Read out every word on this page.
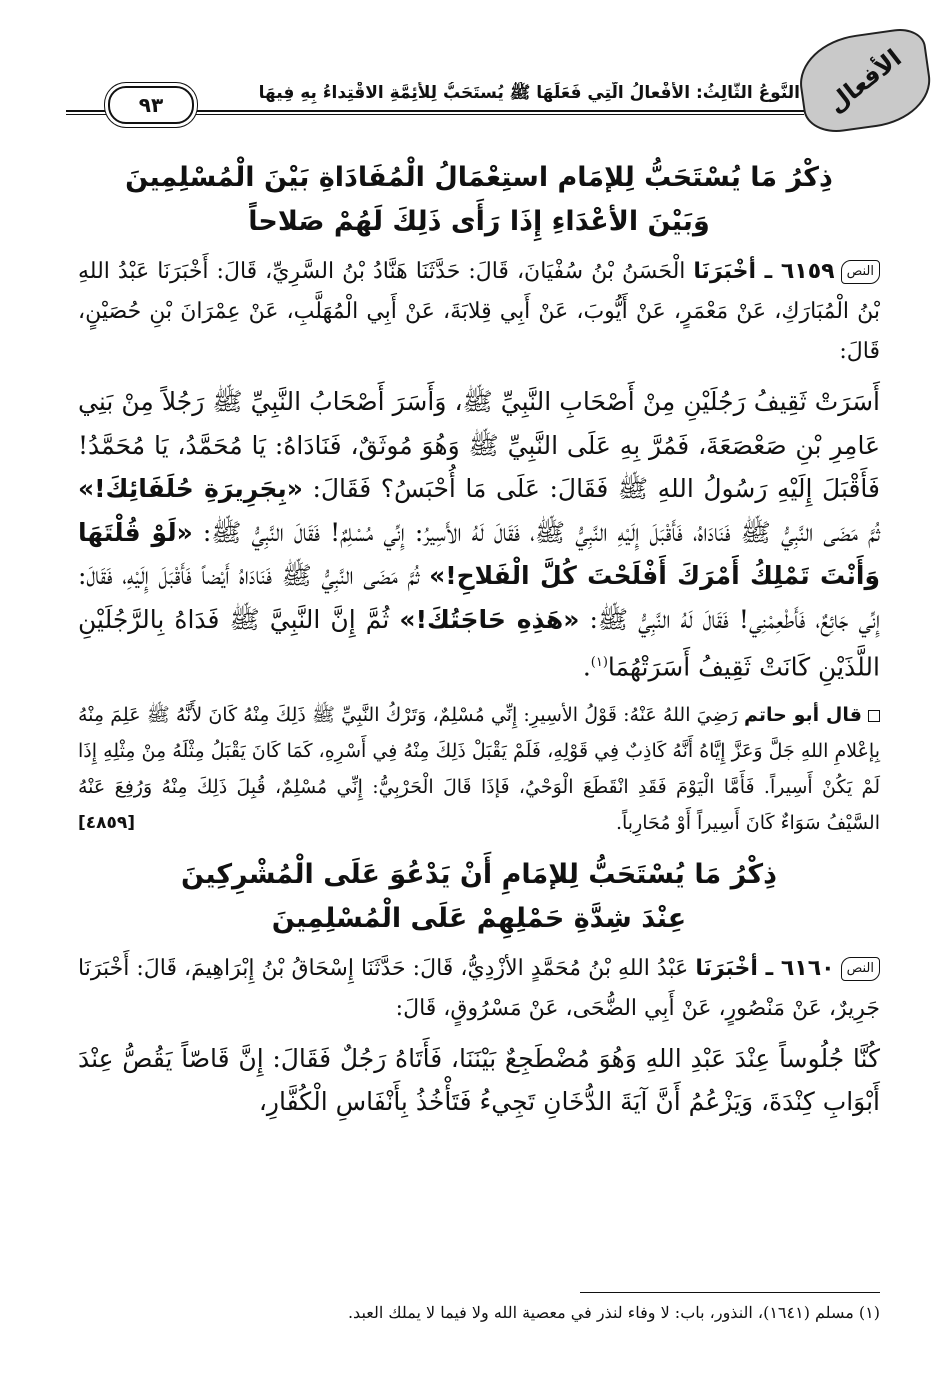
الأفعال
النَّوعُ الثَّالِثُ: الأفْعالُ الَّتِي فَعَلَهَا ﷺ يُستَحَبُّ لِلأَئِمَّةِ الاقْتِداءُ بِهِ فِيهَا
٩٣
ذِكْرُ مَا يُسْتَحَبُّ لِلإمَام استِعْمَالُ الْمُفَادَاةِ بَيْنَ الْمُسْلِمِينَ
وَبَيْنَ الأعْدَاءِ إِذَا رَأَى ذَلِكَ لَهُمْ صَلاحاً

النص٦١٥٩ ـ أخْبَرَنَا الْحَسَنُ بْنُ سُفْيَانَ، قَالَ: حَدَّثَنَا هَنَّادُ بْنُ السَّرِيِّ، قَالَ: أَخْبَرَنَا عَبْدُ اللهِ بْنُ الْمُبَارَكِ، عَنْ مَعْمَرٍ، عَنْ أَيُّوبَ، عَنْ أَبِي قِلابَةَ، عَنْ أَبِي الْمُهَلَّبِ، عَنْ عِمْرَانَ بْنِ حُصَيْنٍ، قَالَ:

أَسَرَتْ ثَقِيفُ رَجُلَيْنِ مِنْ أَصْحَابِ النَّبِيِّ ﷺ، وَأَسَرَ أَصْحَابُ النَّبِيِّ ﷺ رَجُلاً مِنْ بَنِي عَامِرِ بْنِ صَعْصَعَةَ، فَمُرَّ بِهِ عَلَى النَّبِيِّ ﷺ وَهُوَ مُوثَقٌ، فَنَادَاهُ: يَا مُحَمَّدُ، يَا مُحَمَّدُ! فَأَقْبَلَ إِلَيْهِ رَسُولُ اللهِ ﷺ فَقَالَ: عَلَى مَا أُحْبَسُ؟ فَقَالَ: «بِجَرِيرَةِ حُلَفَائِكَ!» ثُمَّ مَضَى النَّبِيُّ ﷺ فَنَادَاهُ، فَأَقْبَلَ إِلَيْهِ النَّبِيُّ ﷺ، فَقَالَ لَهُ الأَسِيرُ: إِنِّي مُسْلِمٌ! فَقَالَ النَّبِيُّ ﷺ: «لَوْ قُلْتَهَا وَأَنْتَ تَمْلِكُ أَمْرَكَ أَفْلَحْتَ كُلَّ الْفَلاحِ!» ثُمَّ مَضَى النَّبِيُّ ﷺ فَنَادَاهُ أَيْضاً فَأَقْبَلَ إِلَيْهِ، فَقَالَ: إِنِّي جَائِعٌ، فَأَطْعِمْنِي! فَقَالَ لَهُ النَّبِيُّ ﷺ: «هَذِهِ حَاجَتُكَ!» ثُمَّ إِنَّ النَّبِيَّ ﷺ فَدَاهُ بِالرَّجُلَيْنِ اللَّذَيْنِ كَانَتْ ثَقِيفُ أَسَرَتْهُمَا$^{(١)}$.

قال أبو حاتم رَضِيَ اللهُ عَنْهُ: قَوْلُ الأسِيرِ: إِنِّي مُسْلِمٌ، وَتَرْكُ النَّبِيِّ ﷺ ذَلِكَ مِنْهُ كَانَ لأَنَّهُ ﷺ عَلِمَ مِنْهُ بِإعْلامِ اللهِ جَلَّ وَعَزَّ إِيَّاهُ أَنَّهُ كَاذِبٌ فِي قَوْلِهِ، فَلَمْ يَقْبَلْ ذَلِكَ مِنْهُ فِي أَسْرِهِ، كَمَا كَانَ يَقْبَلُ مِثْلَهُ مِنْ مِثْلِهِ إِذَا لَمْ يَكُنْ أَسِيراً. فَأَمَّا الْيَوْمَ فَقَدِ انْقَطَعَ الْوَحْيُ، فَإذَا قَالَ الْحَرْبِيُّ: إِنِّي مُسْلِمٌ، قُبِلَ ذَلِكَ مِنْهُ وَرُفِعَ عَنْهُ السَّيْفُ سَوَاءٌ كَانَ أَسِيراً أَوْ مُحَارِباً.
[٤٨٥٩]

ذِكْرُ مَا يُسْتَحَبُّ لِلإمَامِ أَنْ يَدْعُوَ عَلَى الْمُشْرِكِينَ
عِنْدَ شِدَّةِ حَمْلِهِمْ عَلَى الْمُسْلِمِينَ

النص٦١٦٠ ـ أخْبَرَنَا عَبْدُ اللهِ بْنُ مُحَمَّدٍ الأزْدِيُّ، قَالَ: حَدَّثَنَا إِسْحَاقُ بْنُ إِبْرَاهِيمَ، قَالَ: أَخْبَرَنَا جَرِيرٌ، عَنْ مَنْصُورٍ، عَنْ أَبِي الضُّحَى، عَنْ مَسْرُوقٍ، قَالَ:

كُنَّا جُلُوساً عِنْدَ عَبْدِ اللهِ وَهُوَ مُضْطَجِعٌ بَيْنَنَا، فَأَتَاهُ رَجُلٌ فَقَالَ: إِنَّ قَاصّاً يَقُصُّ عِنْدَ أَبْوَابِ كِنْدَةَ، وَيَزْعُمُ أَنَّ آيَةَ الدُّخَانِ تَجِيءُ فَتَأْخُذُ بِأَنْفَاسِ الْكُفَّارِ،

(١) مسلم (١٦٤١)، النذور، باب: لا وفاء لنذر في معصية الله ولا فيما لا يملك العبد.
